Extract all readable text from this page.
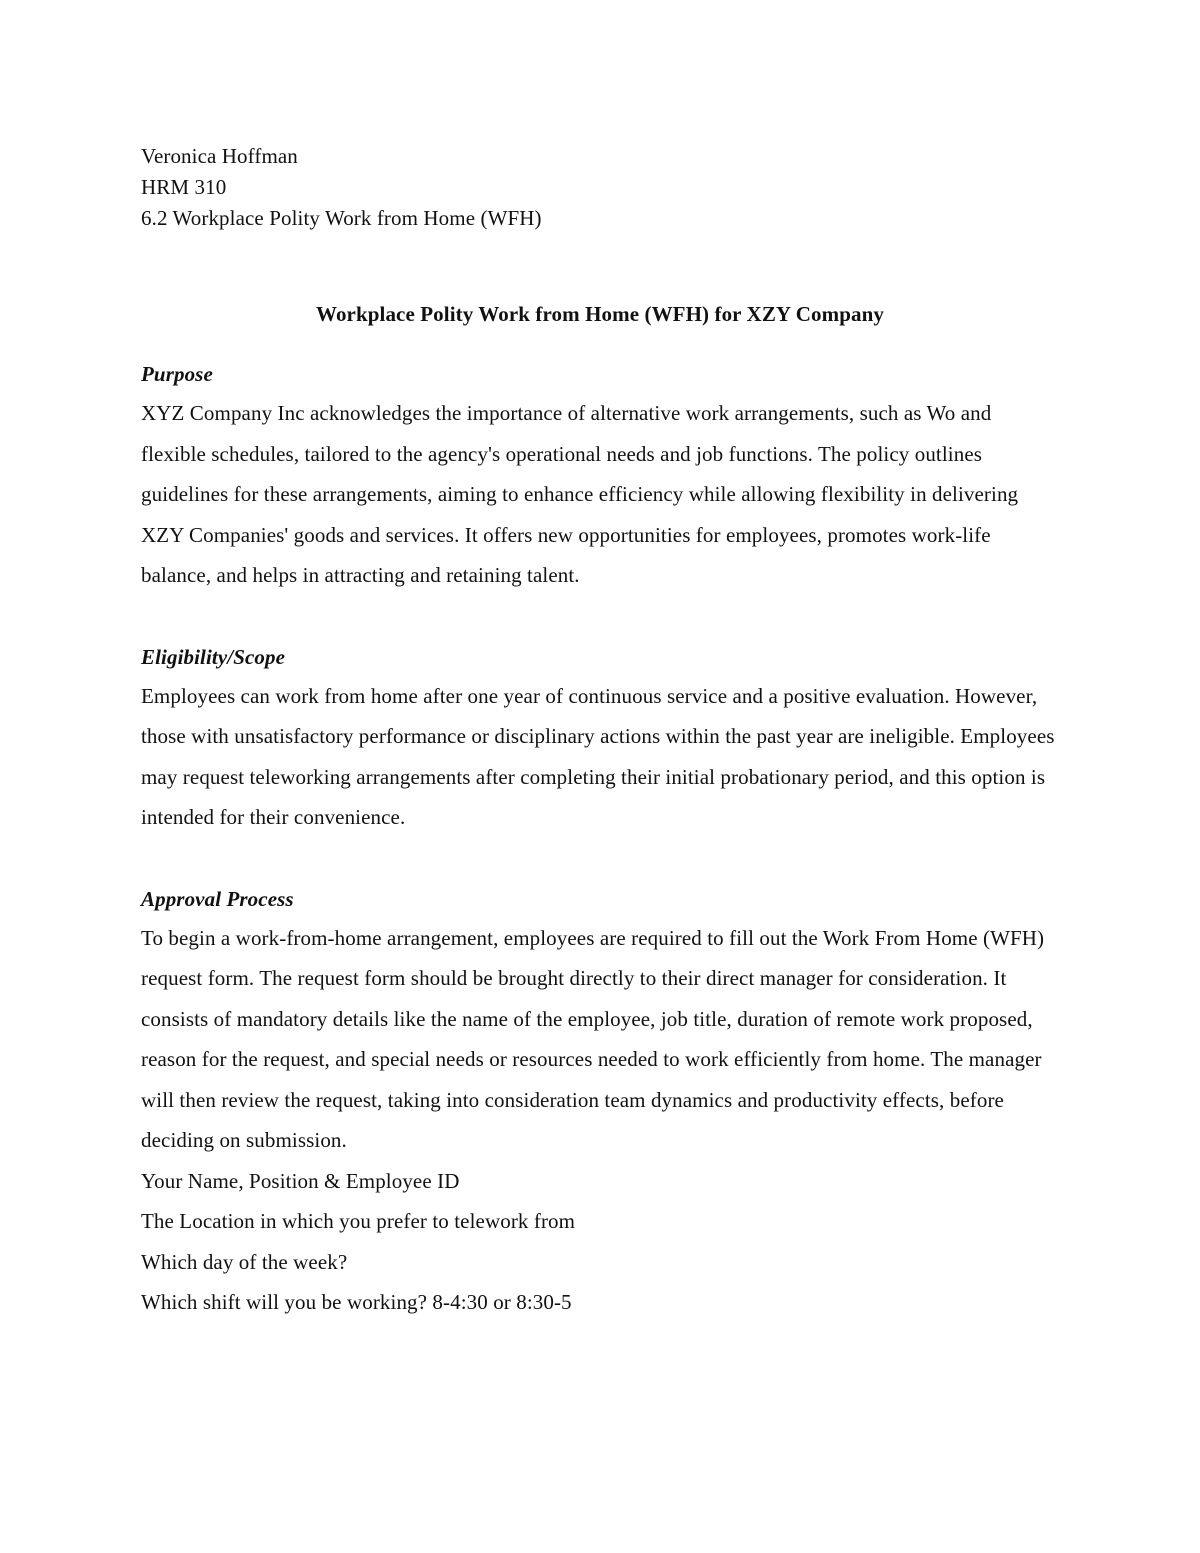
Veronica Hoffman
HRM 310
6.2 Workplace Polity Work from Home (WFH)
Workplace Polity Work from Home (WFH) for XZY Company
Purpose

XYZ Company Inc acknowledges the importance of alternative work arrangements, such as Wo and flexible schedules, tailored to the agency's operational needs and job functions. The policy outlines guidelines for these arrangements, aiming to enhance efficiency while allowing flexibility in delivering XZY Companies' goods and services. It offers new opportunities for employees, promotes work-life balance, and helps in attracting and retaining talent.

Eligibility/Scope

Employees can work from home after one year of continuous service and a positive evaluation. However, those with unsatisfactory performance or disciplinary actions within the past year are ineligible. Employees may request teleworking arrangements after completing their initial probationary period, and this option is intended for their convenience.

Approval Process

To begin a work-from-home arrangement, employees are required to fill out the Work From Home (WFH) request form. The request form should be brought directly to their direct manager for consideration. It consists of mandatory details like the name of the employee, job title, duration of remote work proposed, reason for the request, and special needs or resources needed to work efficiently from home. The manager will then review the request, taking into consideration team dynamics and productivity effects, before deciding on submission.

Your Name, Position & Employee ID
The Location in which you prefer to telework from
Which day of the week?
Which shift will you be working? 8-4:30 or 8:30-5
